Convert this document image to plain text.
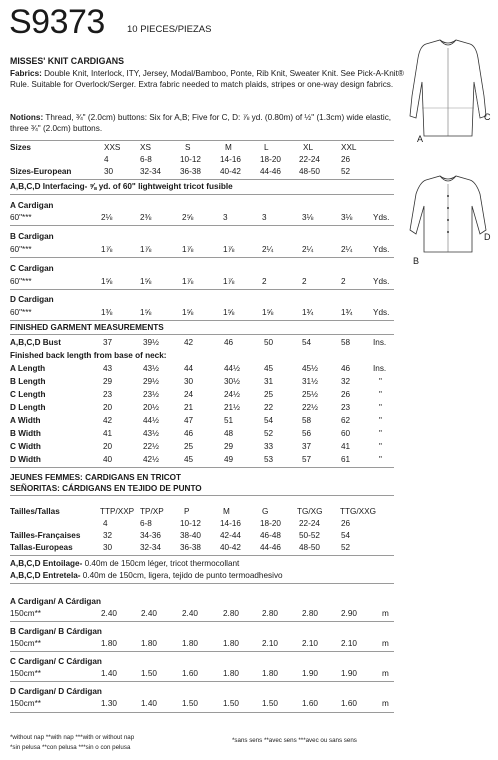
S9373 10 PIECES/PIEZAS
MISSES' KNIT CARDIGANS
Fabrics: Double Knit, Interlock, ITY, Jersey, Modal/Bamboo, Ponte, Rib Knit, Sweater Knit. See Pick-A-Knit® Rule. Suitable for Overlock/Serger. Extra fabric needed to match plaids, stripes or one-way design fabrics.
Notions: Thread, ¾" (2.0cm) buttons: Six for A,B; Five for C, D: ⅞ yd. (0.80m) of ½" (1.3cm) wide elastic, three ¾" (2.0cm) buttons.
A
C
B
D
Sizes	XXS XS	S	M	L	XL	XXL
4	6-8	10-12 14-16 18-20 22-24	26
Sizes-European	30	32-34 36-38 40-42 44-46 48-50	52
A,B,C,D Interfacing- ⅝ yd. of 60" lightweight tricot fusible
A Cardigan
60"***	2⅛	2⅜	2⅝	3	3	3⅛	3⅛	Yds.
B Cardigan
60"***	1⅞	1⅞	1⅞	1⅞	2¼	2¼	2¼	Yds.
C Cardigan
60"***	1⅝	1⅝	1⅞	1⅞	2	2	2	Yds.
D Cardigan
60"***	1⅜	1⅝	1⅝	1⅝	1⅝	1¾	1¾	Yds.
FINISHED GARMENT MEASUREMENTS
A,B,C,D Bust	37	39½	42	46	50	54	58	Ins.
Finished back length from base of neck:
A Length	43	43½	44	44½	45	45½	46	Ins.
B Length	29	29½	30	30½	31	31½	32	"
C Length	23	23½	24	24½	25	25½	26	"
D Length	20	20½	21	21½	22	22½	23	"
A Width	42	44½	47	51	54	58	62	"
B Width	41	43½	46	48	52	56	60	"
C Width	20	22½	25	29	33	37	41	"
D Width	40	42½	45	49	53	57	61	"
JEUNES FEMMES: CARDIGANS EN TRICOT
SEÑORITAS: CÁRDIGANS EN TEJIDO DE PUNTO
Tailles/Tallas	TTP/XXP TP/XP P	M	G	TG/XG TTG/XXG
4	6-8	10-12 14-16 18-20 22-24	26
Tailles-Françaises	32	34-36 38-40 42-44 46-48 50-52	54
Tallas-Europeas	30	32-34 36-38 40-42 44-46 48-50	52
A,B,C,D Entoilage- 0.40m de 150cm léger, tricot thermocollant
A,B,C,D Entretela- 0.40m de 150cm, ligera, tejido de punto termoadhesivo
A Cardigan/ A Cárdigan
150cm**	2.40	2.40	2.40	2.80	2.80	2.80	2.90	m
B Cardigan/ B Cárdigan
150cm**	1.80	1.80	1.80	1.80	2.10	2.10	2.10	m
C Cardigan/ C Cárdigan
150cm**	1.40	1.50	1.60	1.80	1.80	1.90	1.90	m
D Cardigan/ D Cárdigan
150cm**	1.30	1.40	1.50	1.50	1.50	1.60	1.60	m
*without nap **with nap ***with or without nap
*sin pelusa **con pelusa ***sin o con pelusa
*sans sens **avec sens ***avec ou sans sens
